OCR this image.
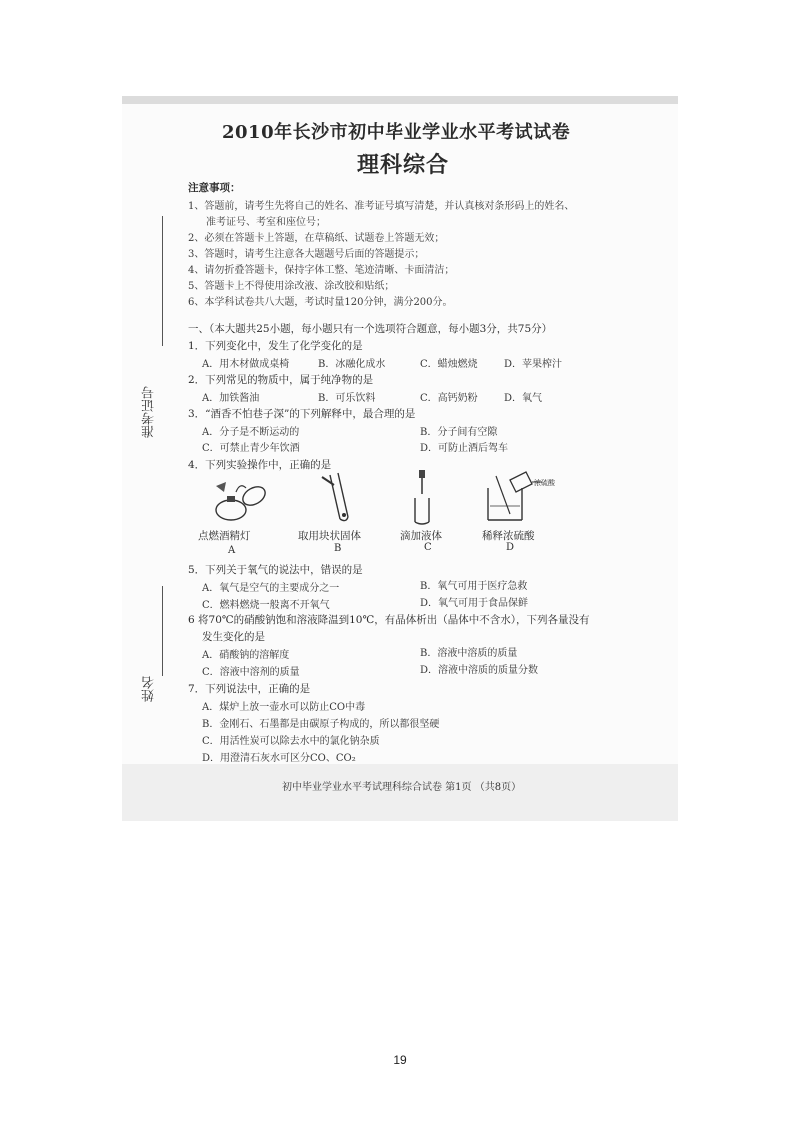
准考证号
姓名
2010年长沙市初中毕业学业水平考试试卷
理科综合
注意事项：
1、答题前，请考生先将自己的姓名、准考证号填写清楚，并认真核对条形码上的姓名、
准考证号、考室和座位号；
2、必须在答题卡上答题，在草稿纸、试题卷上答题无效；
3、答题时，请考生注意各大题题号后面的答题提示；
4、请勿折叠答题卡，保持字体工整、笔迹清晰、卡面清洁；
5、答题卡上不得使用涂改液、涂改胶和贴纸；
6、本学科试卷共八大题，考试时量120分钟，满分200分。
一、（本大题共25小题，每小题只有一个选项符合题意，每小题3分，共75分）
1．下列变化中，发生了化学变化的是
A．用木材做成桌椅	B．冰融化成水	C．蜡烛燃烧	D．苹果榨汁
2．下列常见的物质中，属于纯净物的是
A．加铁酱油	B．可乐饮料	C．高钙奶粉	D．氧气
3．“酒香不怕巷子深”的下列解释中，最合理的是
A．分子是不断运动的	B．分子间有空隙
C．可禁止青少年饮酒	D．可防止酒后驾车
4．下列实验操作中，正确的是
浓硫酸
点燃酒精灯	取用块状固体	滴加液体	稀释浓硫酸
A	B	C	D
5．下列关于氧气的说法中，错误的是
A．氧气是空气的主要成分之一	B．氧气可用于医疗急救
C．燃料燃烧一般离不开氧气	D．氧气可用于食品保鲜
6 将70℃的硝酸钠饱和溶液降温到10℃，有晶体析出（晶体中不含水），下列各量没有
发生变化的是
A．硝酸钠的溶解度	B．溶液中溶质的质量
C．溶液中溶剂的质量	D．溶液中溶质的质量分数
7．下列说法中，正确的是
A．煤炉上放一壶水可以防止CO中毒
B．金刚石、石墨都是由碳原子构成的，所以都很坚硬
C．用活性炭可以除去水中的氯化钠杂质
D．用澄清石灰水可区分CO、CO₂
初中毕业学业水平考试理科综合试卷 第1页 （共8页）
19
